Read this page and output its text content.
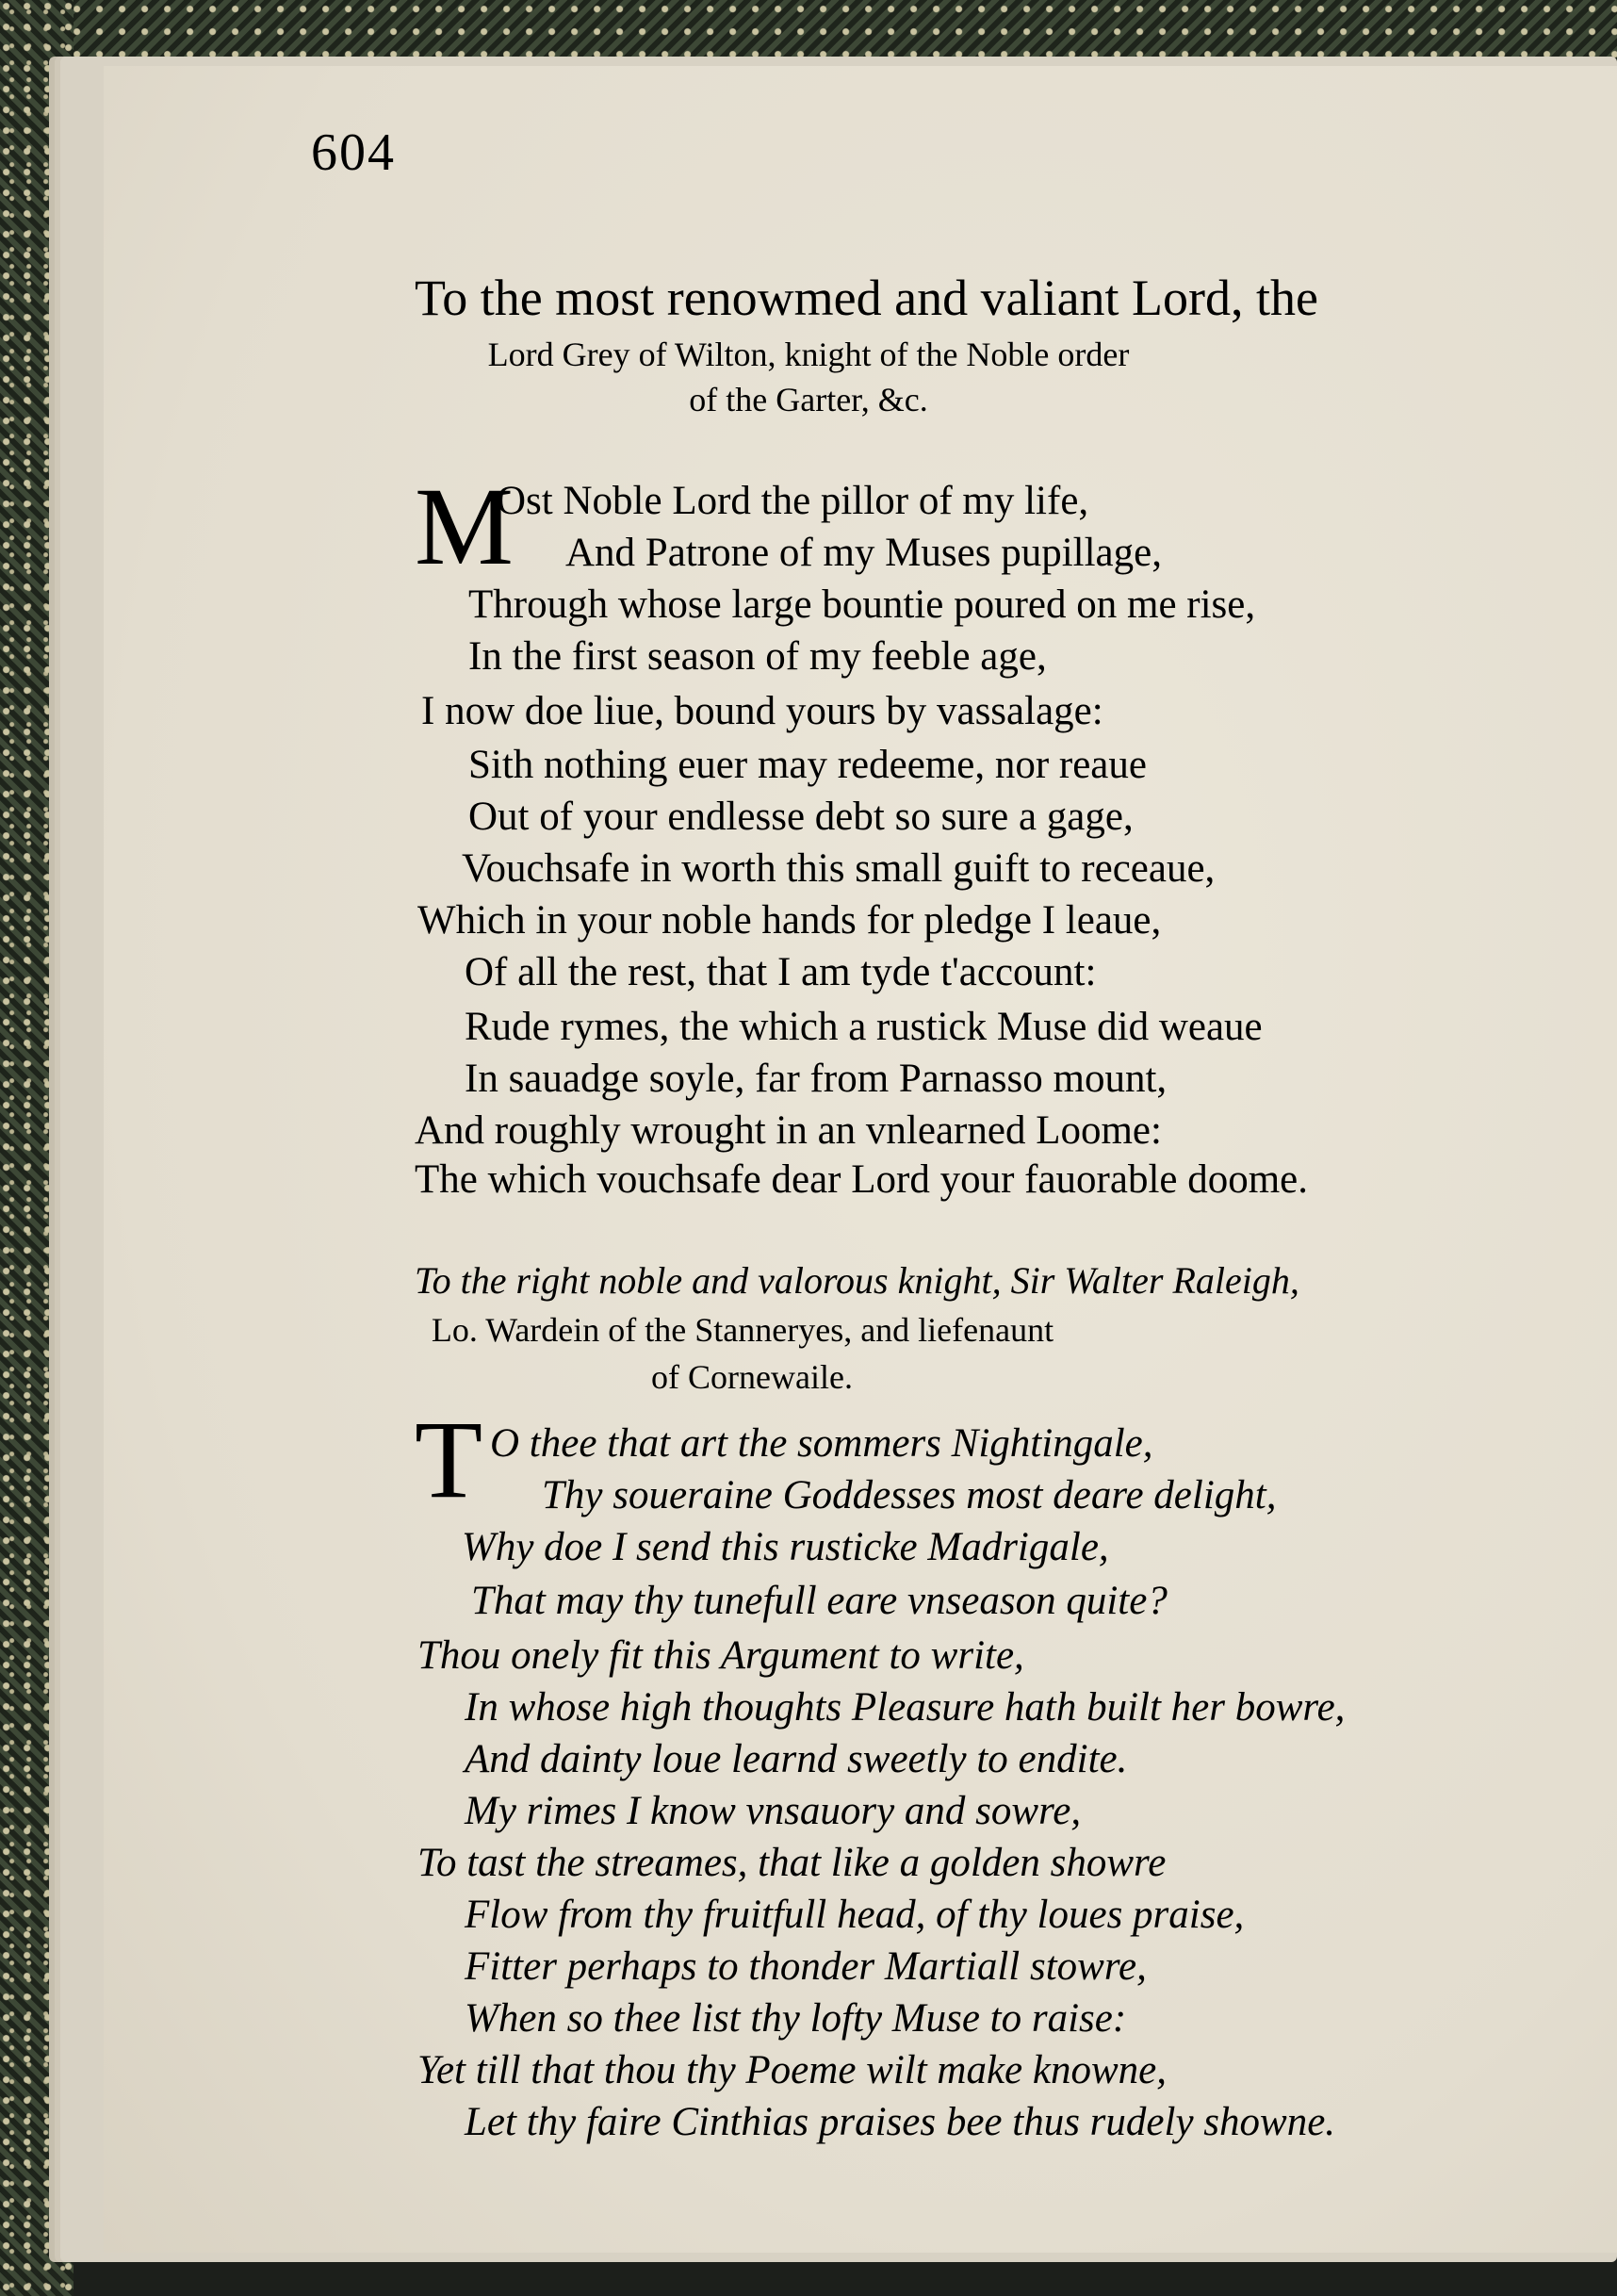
604
To the most renowmed and valiant Lord, the
Lord Grey of Wilton, knight of the Noble order
of the Garter, &c.
M
Ost Noble Lord the pillor of my life,
And Patrone of my Muses pupillage,
Through whose large bountie poured on me rise,
In the first season of my feeble age,
I now doe liue, bound yours by vassalage:
Sith nothing euer may redeeme, nor reaue
Out of your endlesse debt so sure a gage,
Vouchsafe in worth this small guift to receaue,
Which in your noble hands for pledge I leaue,
Of all the rest, that I am tyde t'account:
Rude rymes, the which a rustick Muse did weaue
In sauadge soyle, far from Parnasso mount,
And roughly wrought in an vnlearned Loome:
The which vouchsafe dear Lord your fauorable doome.
To the right noble and valorous knight, Sir Walter Raleigh,
Lo. Wardein of the Stanneryes, and liefenaunt
of Cornewaile.
T O thee that art the sommers Nightingale,
Thy soueraine Goddesses most deare delight,
Why doe I send this rusticke Madrigale,
That may thy tunefull eare vnseason quite?
Thou onely fit this Argument to write,
In whose high thoughts Pleasure hath built her bowre,
And dainty loue learnd sweetly to endite.
My rimes I know vnsauory and sowre,
To tast the streames, that like a golden showre
Flow from thy fruitfull head, of thy loues praise,
Fitter perhaps to thonder Martiall stowre,
When so thee list thy lofty Muse to raise:
Yet till that thou thy Poeme wilt make knowne,
Let thy faire Cinthias praises bee thus rudely showne.
